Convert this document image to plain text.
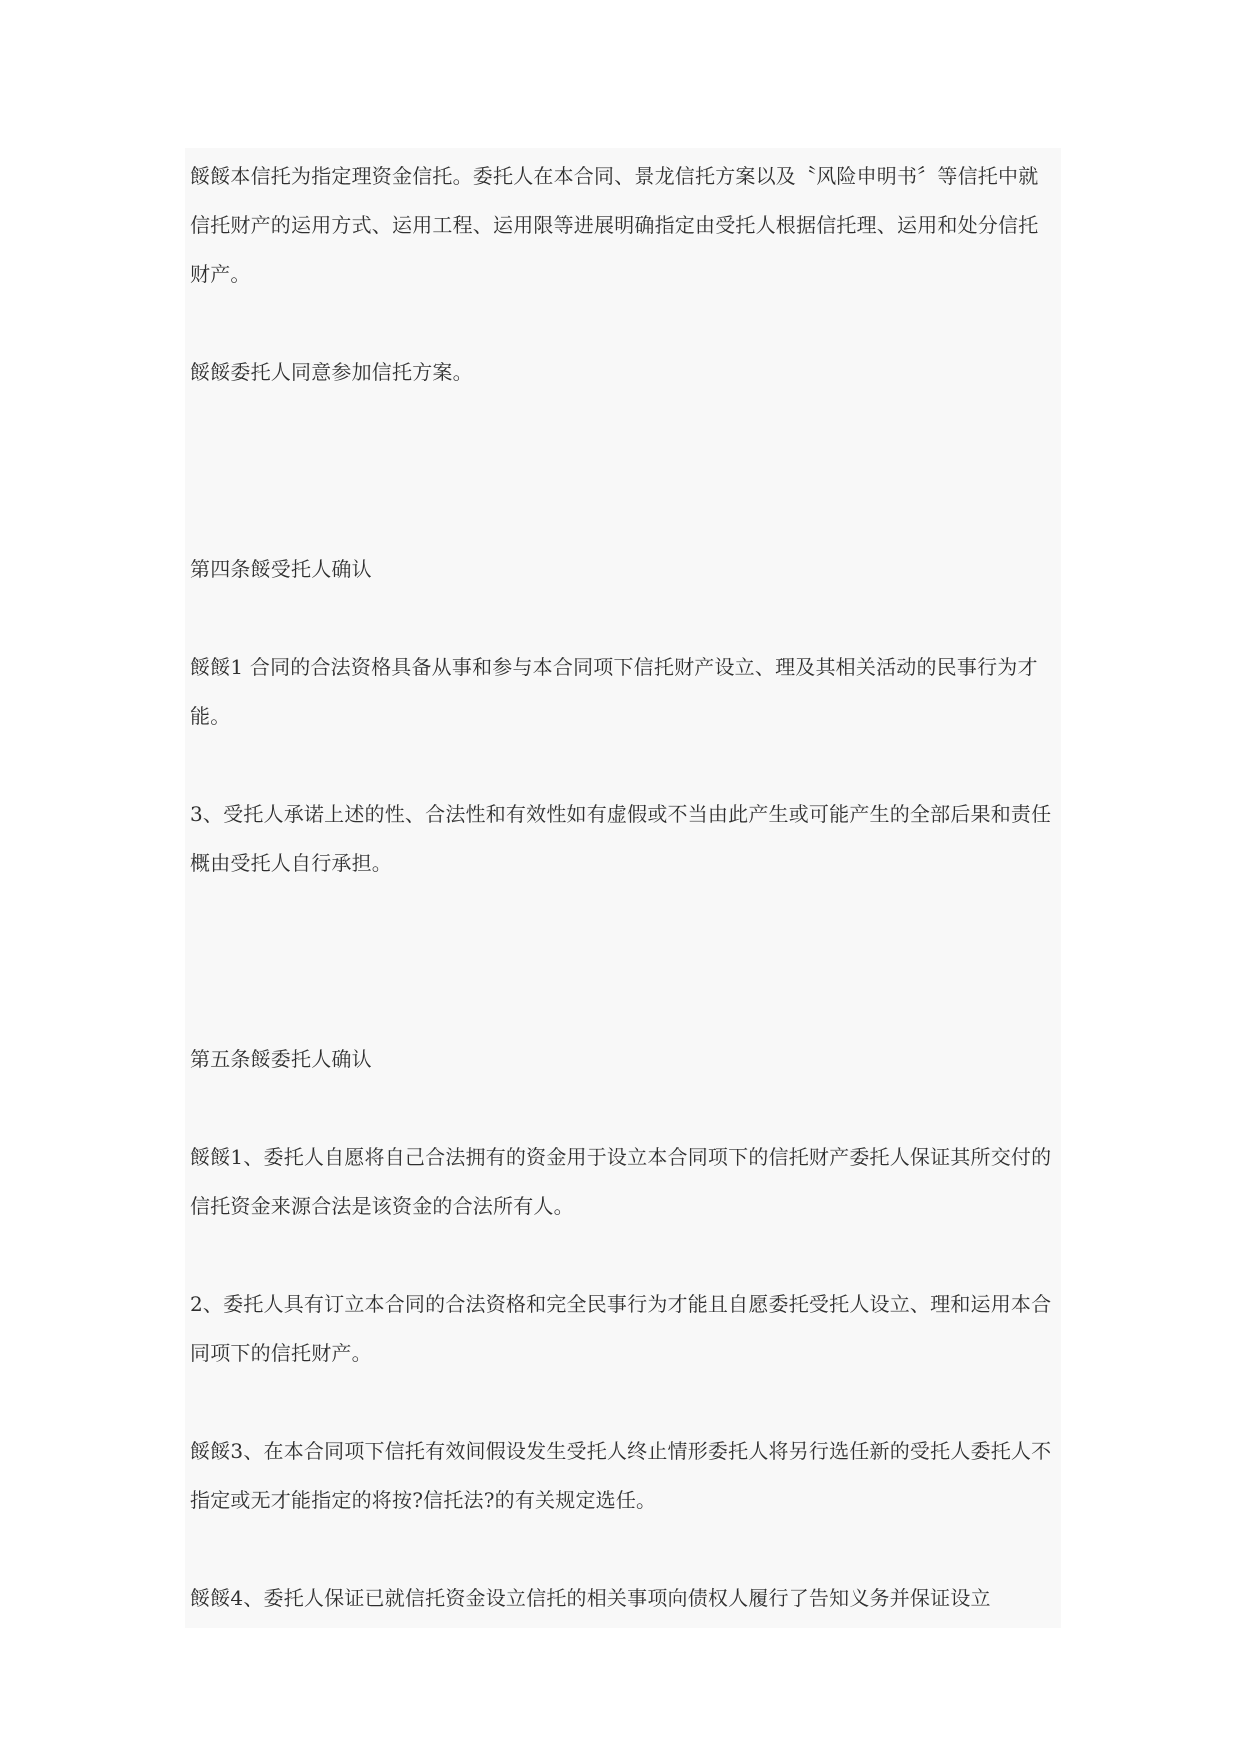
餒餒本信托为指定理资金信托。委托人在本合同、景龙信托方案以及〝风险申明书〞等信托中就信托财产的运用方式、运用工程、运用限等进展明确指定由受托人根据信托理、运用和处分信托财产。

餒餒委托人同意参加信托方案。

第四条餒受托人确认

餒餒1 合同的合法资格具备从事和参与本合同项下信托财产设立、理及其相关活动的民事行为才能。

3、受托人承诺上述的性、合法性和有效性如有虚假或不当由此产生或可能产生的全部后果和责任概由受托人自行承担。

第五条餒委托人确认

餒餒1、委托人自愿将自己合法拥有的资金用于设立本合同项下的信托财产委托人保证其所交付的信托资金来源合法是该资金的合法所有人。

2、委托人具有订立本合同的合法资格和完全民事行为才能且自愿委托受托人设立、理和运用本合同项下的信托财产。

餒餒3、在本合同项下信托有效间假设发生受托人终止情形委托人将另行选任新的受托人委托人不指定或无才能指定的将按?信托法?的有关规定选任。

餒餒4、委托人保证已就信托资金设立信托的相关事项向债权人履行了告知义务并保证设立
